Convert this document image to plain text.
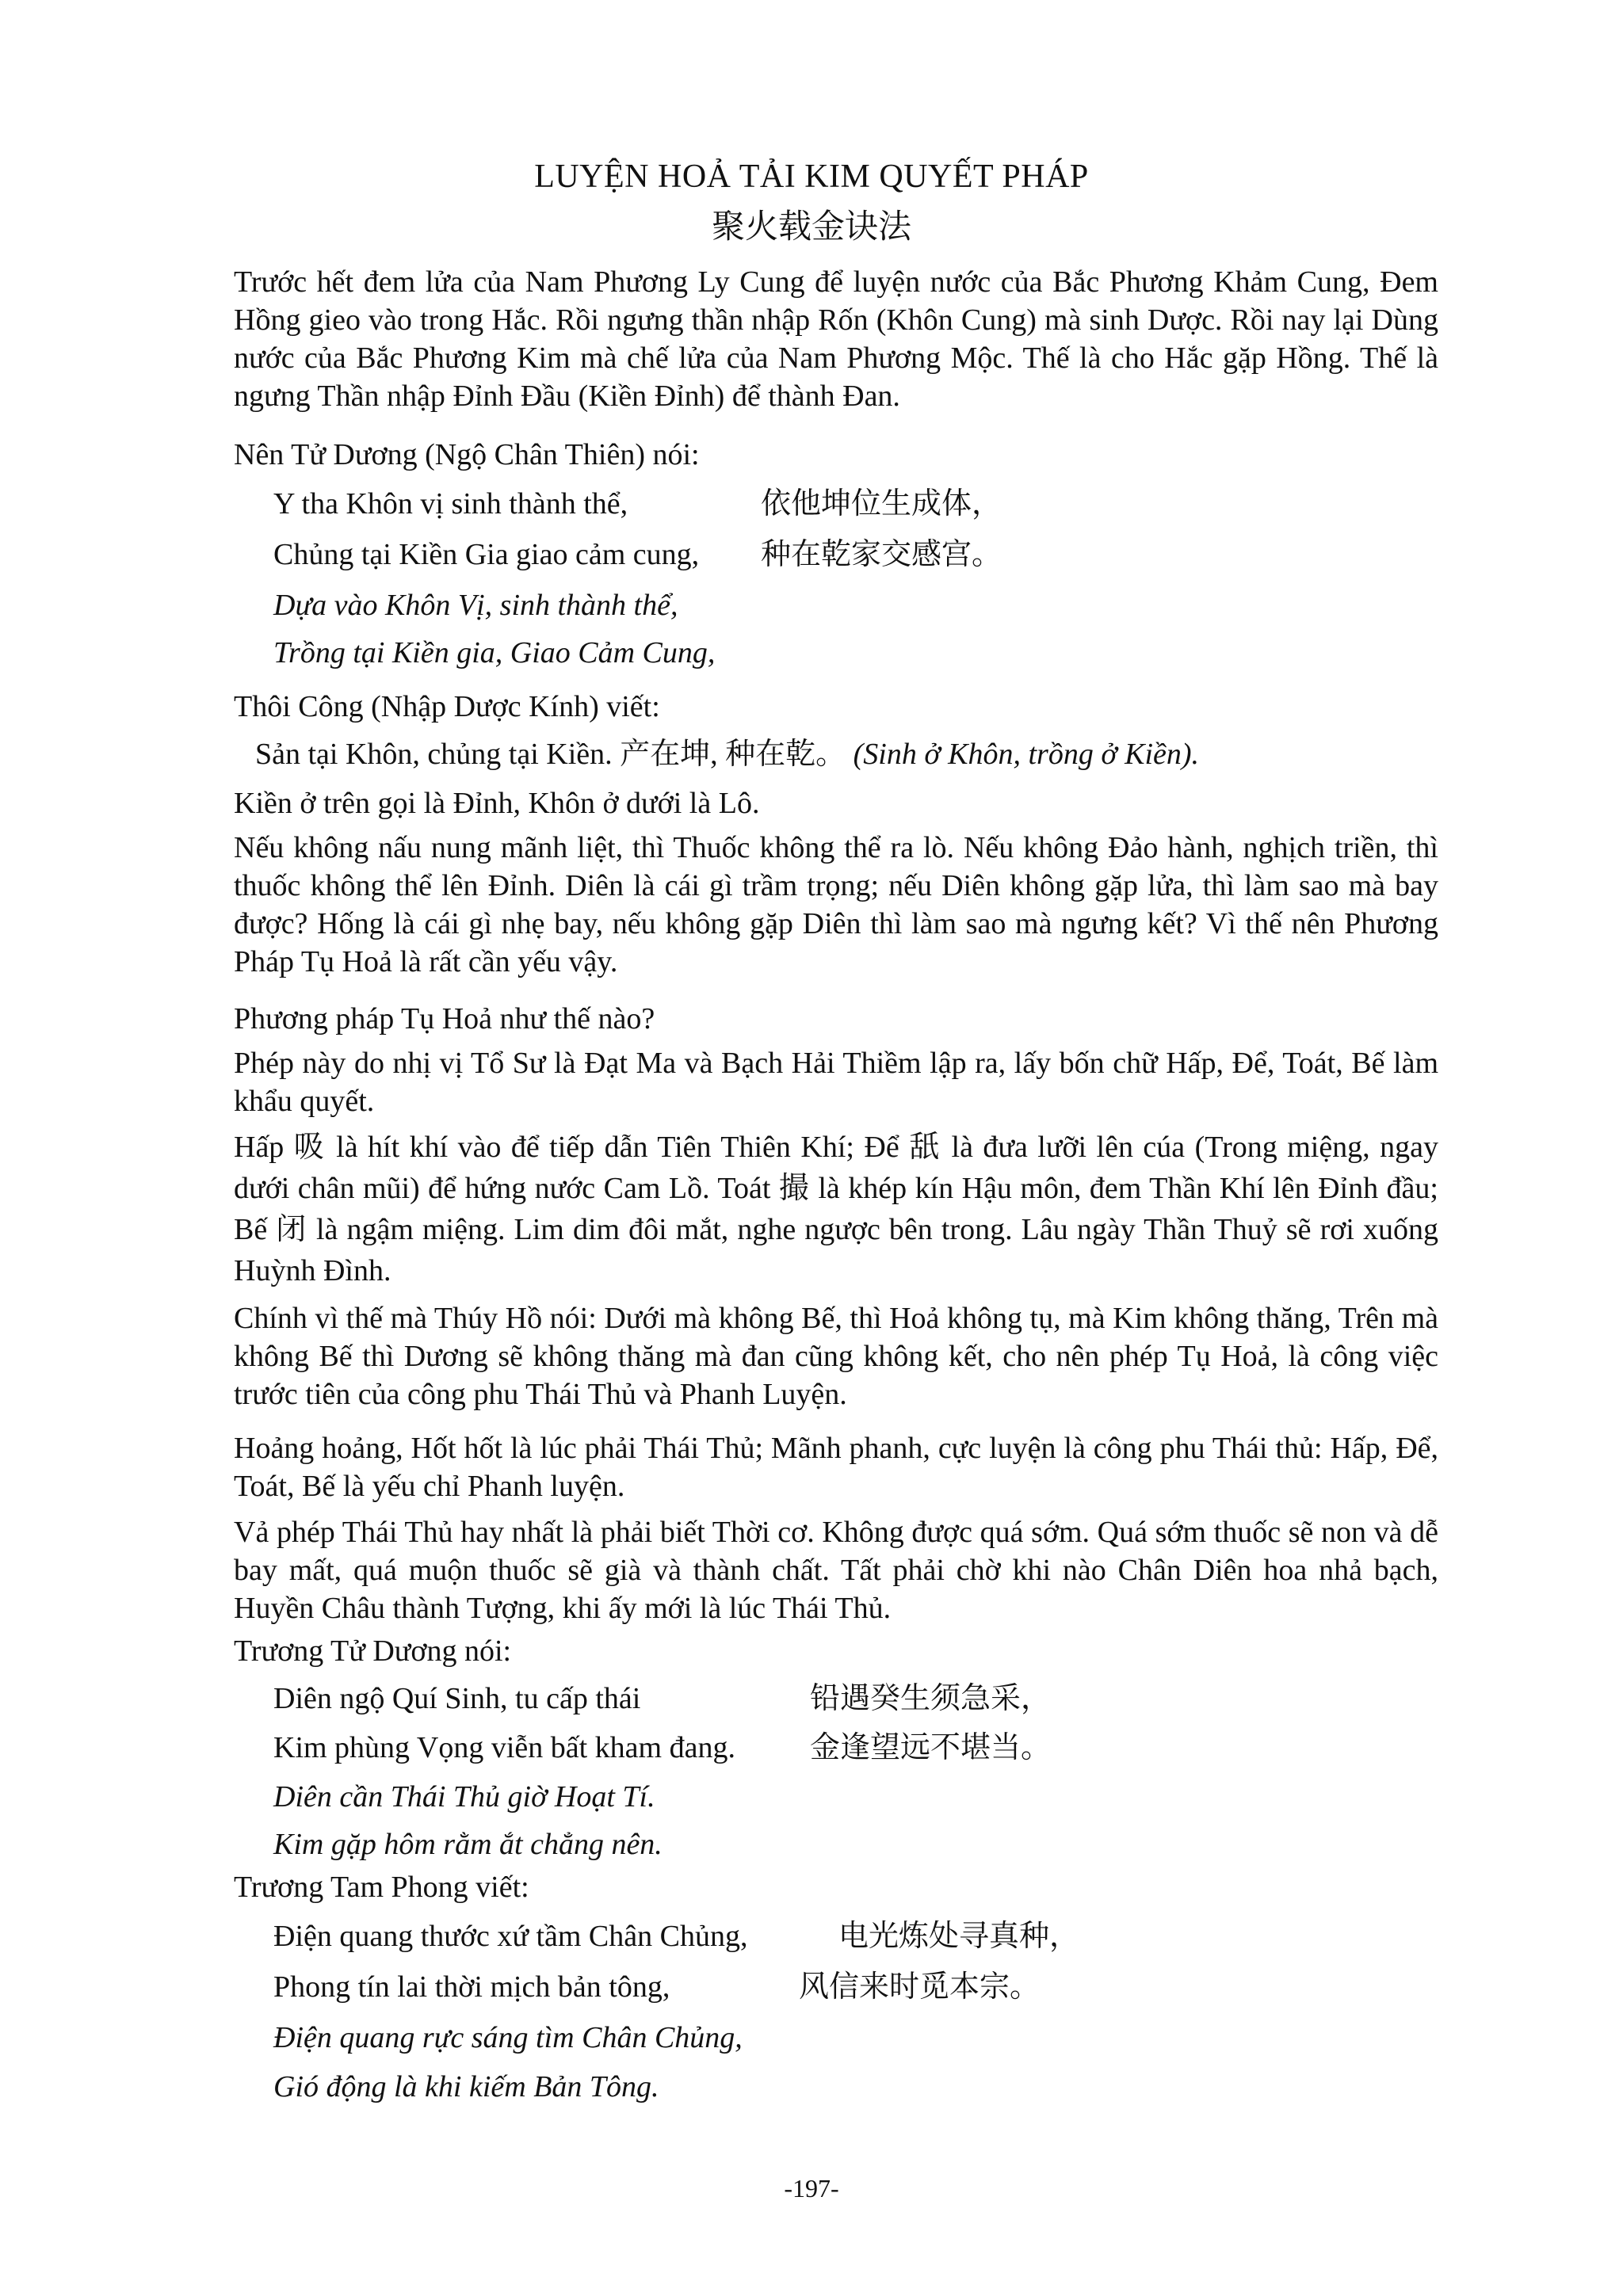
LUYỆN HOẢ TẢI KIM QUYẾT PHÁP
聚火载金诀法
Trước hết đem lửa của Nam Phương Ly Cung để luyện nước của Bắc Phương Khảm Cung, Đem Hồng gieo vào trong Hắc. Rồi ngưng thần nhập Rốn (Khôn Cung) mà sinh Dược. Rồi nay lại Dùng nước của Bắc Phương Kim mà chế lửa của Nam Phương Mộc. Thế là cho Hắc gặp Hồng. Thế là ngưng Thần nhập Đỉnh Đầu (Kiền Đỉnh) để thành Đan.
Nên Tử Dương (Ngộ Chân Thiên) nói:
Y tha Khôn vị sinh thành thể,	依他坤位生成体，
Chủng tại Kiền Gia giao cảm cung, 种在乾家交感宫。
Dựa vào Khôn Vị, sinh thành thể,
Trồng tại Kiền gia, Giao Cảm Cung,
Thôi Công (Nhập Dược Kính) viết:
Sản tại Khôn, chủng tại Kiền. 产在坤, 种在乾。 (Sinh ở Khôn, trồng ở Kiền).
Kiền ở trên gọi là Đỉnh, Khôn ở dưới là Lô.
Nếu không nấu nung mãnh liệt, thì Thuốc không thể ra lò. Nếu không Đảo hành, nghịch triền, thì thuốc không thể lên Đỉnh. Diên là cái gì trầm trọng; nếu Diên không gặp lửa, thì làm sao mà bay được? Hống là cái gì nhẹ bay, nếu không gặp Diên thì làm sao mà ngưng kết? Vì thế nên Phương Pháp Tụ Hoả là rất cần yếu vậy.
Phương pháp Tụ Hoả như thế nào?
Phép này do nhị vị Tổ Sư là Đạt Ma và Bạch Hải Thiềm lập ra, lấy bốn chữ Hấp, Để, Toát, Bế làm khẩu quyết.
Hấp 吸 là hít khí vào để tiếp dẫn Tiên Thiên Khí; Để 舐 là đưa lưỡi lên cúa (Trong miệng, ngay dưới chân mũi) để hứng nước Cam Lồ. Toát 撮 là khép kín Hậu môn, đem Thần Khí lên Đỉnh đầu; Bế 闭 là ngậm miệng. Lim dim đôi mắt, nghe ngược bên trong. Lâu ngày Thần Thuỷ sẽ rơi xuống Huỳnh Đình.
Chính vì thế mà Thúy Hồ nói: Dưới mà không Bế, thì Hoả không tụ, mà Kim không thăng, Trên mà không Bế thì Dương sẽ không thăng mà đan cũng không kết, cho nên phép Tụ Hoả, là công việc trước tiên của công phu Thái Thủ và Phanh Luyện.
Hoảng hoảng, Hốt hốt là lúc phải Thái Thủ; Mãnh phanh, cực luyện là công phu Thái thủ: Hấp, Để, Toát, Bế là yếu chỉ Phanh luyện.
Vả phép Thái Thủ hay nhất là phải biết Thời cơ. Không được quá sớm. Quá sớm thuốc sẽ non và dễ bay mất, quá muộn thuốc sẽ già và thành chất. Tất phải chờ khi nào Chân Diên hoa nhả bạch, Huyền Châu thành Tượng, khi ấy mới là lúc Thái Thủ.
Trương Tử Dương nói:
Diên ngộ Quí Sinh, tu cấp thái	铅遇癸生须急采，
Kim phùng Vọng viễn bất kham đang. 金逢望远不堪当。
Diên cần Thái Thủ giờ Hoạt Tí.
Kim gặp hôm rằm ắt chẳng nên.
Trương Tam Phong viết:
Điện quang thước xứ tầm Chân Chủng,	电光炼处寻真种，
Phong tín lai thời mịch bản tông,	风信来时觅本宗。
Điện quang rực sáng tìm Chân Chủng,
Gió động là khi kiếm Bản Tông.
-197-
